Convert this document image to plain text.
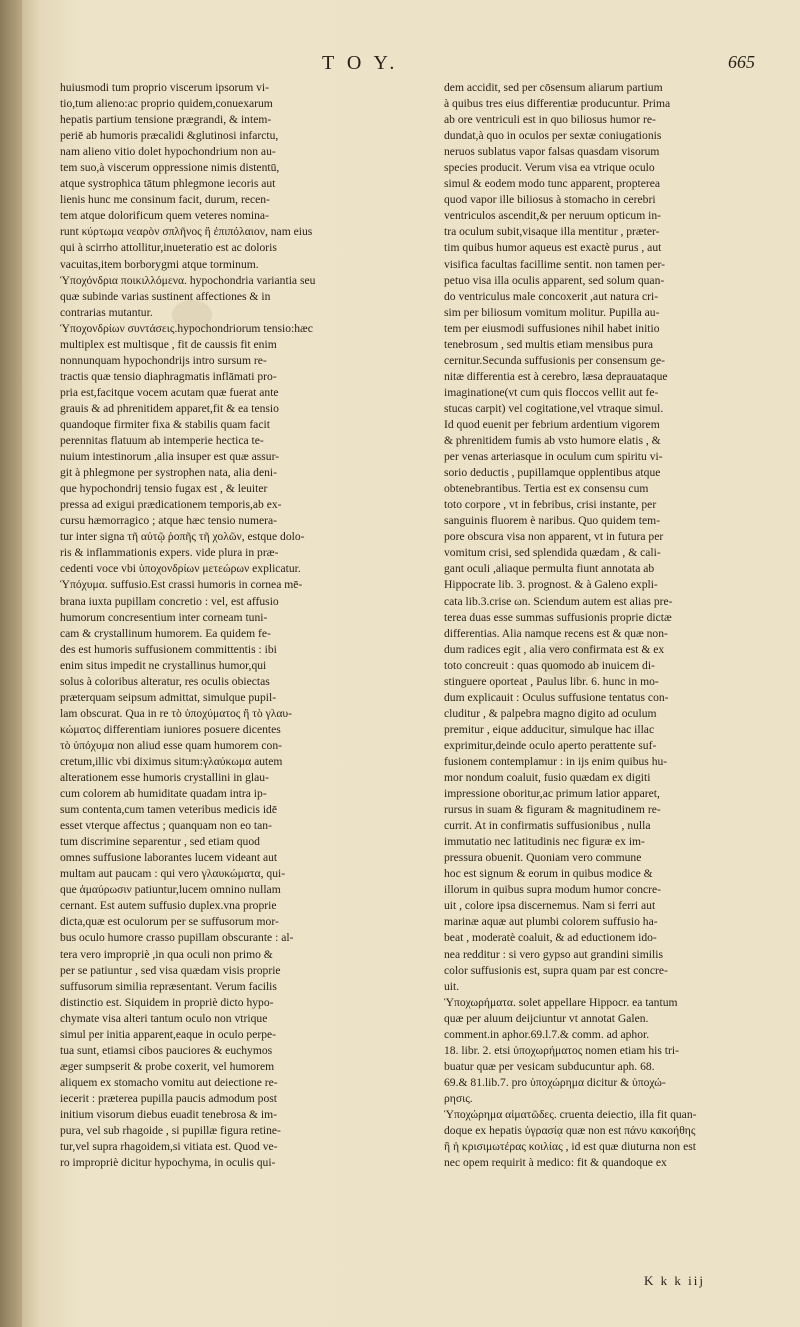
T O Y.	665
huiusmodi tum proprio viscerum ipsorum vi-
tio,tum alieno:ac proprio quidem,conuexarum
hepatis partium tensione prægrandi, & intem-
periē ab humoris præcalidi &glutinosi infarctu,
nam alieno vitio dolet hypochondrium non au-
tem suo,à viscerum oppressione nimis distentū,
atque systrophica tātum phlegmone iecoris aut
lienis hunc me consinum facit, durum, recen-
tem atque dolorificum quem veteres nomina-
runt κύρτωμα νεαρὸν σπλῆνος ἢ ἐπιπόλαιον, nam eius
qui à scirrho attollitur,inueteratio est ac doloris
vacuitas,item borborygmi atque torminum.
Ὑποχόνδρια ποικιλλόμενα. hypochondria variantia seu
quæ subinde varias sustinent affectiones & in
contrarias mutantur.
Ὑποχονδρίων συντάσεις.hypochondriorum tensio:hæc
multiplex est multisque , fit de caussis fit enim
nonnunquam hypochondrijs intro sursum re-
tractis quæ tensio diaphragmatis inflāmati pro-
pria est,facitque vocem acutam quæ fuerat ante
grauis & ad phrenitidem apparet,fit & ea tensio
quandoque firmiter fixa & stabilis quam facit
perennitas flatuum ab intemperie hectica te-
nuium intestinorum ,alia insuper est quæ assur-
git à phlegmone per systrophen nata, alia deni-
que hypochondrij tensio fugax est , & leuiter
pressa ad exigui prædicationem temporis,ab ex-
cursu hæmorragico ; atque hæc tensio numera-
tur inter signa τῆ αὐτῷ ῥοπῆς τῆ χολῶν, estque dolo-
ris & inflammationis expers. vide plura in præ-
cedenti voce vbi ὑποχονδρίων μετεώρων explicatur.
Ὑπόχυμα. suffusio.Est crassi humoris in cornea mē-
brana iuxta pupillam concretio : vel, est affusio
humorum concresentium inter corneam tuni-
cam & crystallinum humorem. Ea quidem fe-
des est humoris suffusionem committentis : ibi
enim situs impedit ne crystallinus humor,qui
solus à coloribus alteratur, res oculis obiectas
præterquam seipsum admittat, simulque pupil-
lam obscurat. Qua in re τὸ ὑποχύματος ἢ τὸ γλαυ-
κώματος differentiam iuniores posuere dicentes
τὸ ὑπόχυμα non aliud esse quam humorem con-
cretum,illic vbi diximus situm:γλαύκωμα autem
alterationem esse humoris crystallini in glau-
cum colorem ab humiditate quadam intra ip-
sum contenta,cum tamen veteribus medicis idē
esset vterque affectus ; quanquam non eo tan-
tum discrimine separentur , sed etiam quod
omnes suffusione laborantes lucem videant aut
multam aut paucam : qui vero γλαυκώματα, qui-
que ἀμαύρωσιν patiuntur,lucem omnino nullam
cernant. Est autem suffusio duplex.vna proprie
dicta,quæ est oculorum per se suffusorum mor-
bus oculo humore crasso pupillam obscurante : al-
tera vero impropriè ,in qua oculi non primo &
per se patiuntur , sed visa quædam visis proprie
suffusorum similia repræsentant. Verum facilis
distinctio est. Siquidem in propriè dicto hypo-
chymate visa alteri tantum oculo non vtrique
simul per initia apparent,eaque in oculo perpe-
tua sunt, etiamsi cibos pauciores & euchymos
æger sumpserit & probe coxerit, vel humorem
aliquem ex stomacho vomitu aut deiectione re-
iecerit : præterea pupilla paucis admodum post
initium visorum diebus euadit tenebrosa & im-
pura, vel sub rhagoide , si pupillæ figura retine-
tur,vel supra rhagoidem,si vitiata est. Quod ve-
ro impropriè dicitur hypochyma, in oculis qui-
dem accidit, sed per cōsensum aliarum partium
à quibus tres eius differentiæ producuntur. Prima
ab ore ventriculi est in quo biliosus humor re-
dundat,à quo in oculos per sextæ coniugationis
neruos sublatus vapor falsas quasdam visorum
species producit. Verum visa ea vtrique oculo
simul & eodem modo tunc apparent, propterea
quod vapor ille biliosus à stomacho in cerebri
ventriculos ascendit,& per neruum opticum in-
tra oculum subit,visaque illa mentitur , præter-
tim quibus humor aqueus est exactè purus , aut
visifica facultas facillime sentit. non tamen per-
petuo visa illa oculis apparent, sed solum quan-
do ventriculus male concoxerit ,aut natura cri-
sim per biliosum vomitum molitur. Pupilla au-
tem per eiusmodi suffusiones nihil habet initio
tenebrosum , sed multis etiam mensibus pura
cernitur.Secunda suffusionis per consensum ge-
nitæ differentia est à cerebro, læsa deprauataque
imaginatione(vt cum quis floccos vellit aut fe-
stucas carpit) vel cogitatione,vel vtraque simul.
Id quod euenit per febrium ardentium vigorem
& phrenitidem fumis ab vsto humore elatis , &
per venas arteriasque in oculum cum spiritu vi-
sorio deductis , pupillamque opplentibus atque
obtenebrantibus. Tertia est ex consensu cum
toto corpore , vt in febribus, crisi instante, per
sanguinis fluorem è naribus. Quo quidem tem-
pore obscura visa non apparent, vt in futura per
vomitum crisi, sed splendida quædam , & cali-
gant oculi ,aliaque permulta fiunt annotata ab
Hippocrate lib. 3. prognost. & à Galeno expli-
cata lib.3.crise ωn. Sciendum autem est alias pre-
terea duas esse summas suffusionis proprie dictæ
differentias. Alia namque recens est & quæ non-
dum radices egit , alia vero confirmata est & ex
toto concreuit : quas quomodo ab inuicem di-
stinguere oporteat , Paulus libr. 6. hunc in mo-
dum explicauit : Oculus suffusione tentatus con-
cluditur , & palpebra magno digito ad oculum
premitur , eique adducitur, simulque hac illac
exprimitur,deinde oculo aperto perattente suf-
fusionem contemplamur : in ijs enim quibus hu-
mor nondum coaluit, fusio quædam ex digiti
impressione oboritur,ac primum latior apparet,
rursus in suam & figuram & magnitudinem re-
currit. At in confirmatis suffusionibus , nulla
immutatio nec latitudinis nec figuræ ex im-
pressura obuenit. Quoniam vero commune
hoc est signum & eorum in quibus modice &
illorum in quibus supra modum humor concre-
uit , colore ipsa discernemus. Nam si ferri aut
marinæ aquæ aut plumbi colorem suffusio ha-
beat , moderatè coaluit, & ad eductionem ido-
nea redditur : si vero gypso aut grandini similis
color suffusionis est, supra quam par est concre-
uit.
Ὑποχωρήματα. solet appellare Hippocr. ea tantum
quæ per aluum deijciuntur vt annotat Galen.
comment.in aphor.69.l.7.& comm. ad aphor.
18. libr. 2. etsi ὑποχωρήματος nomen etiam his tri-
buatur quæ per vesicam subducuntur aph. 68.
69.& 81.lib.7. pro ὑποχώρημα dicitur & ὑποχώ-
ρησις.
Ὑποχώρημα αἱματῶδες. cruenta deiectio, illa fit quan-
doque ex hepatis ὑγρασίᾳ quæ non est πάνυ κακοήθης
ἢ ἡ κρισιμωτέρας κοιλίας , id est quæ diuturna non est
nec opem requirit à medico: fit & quandoque ex
K k k iij
